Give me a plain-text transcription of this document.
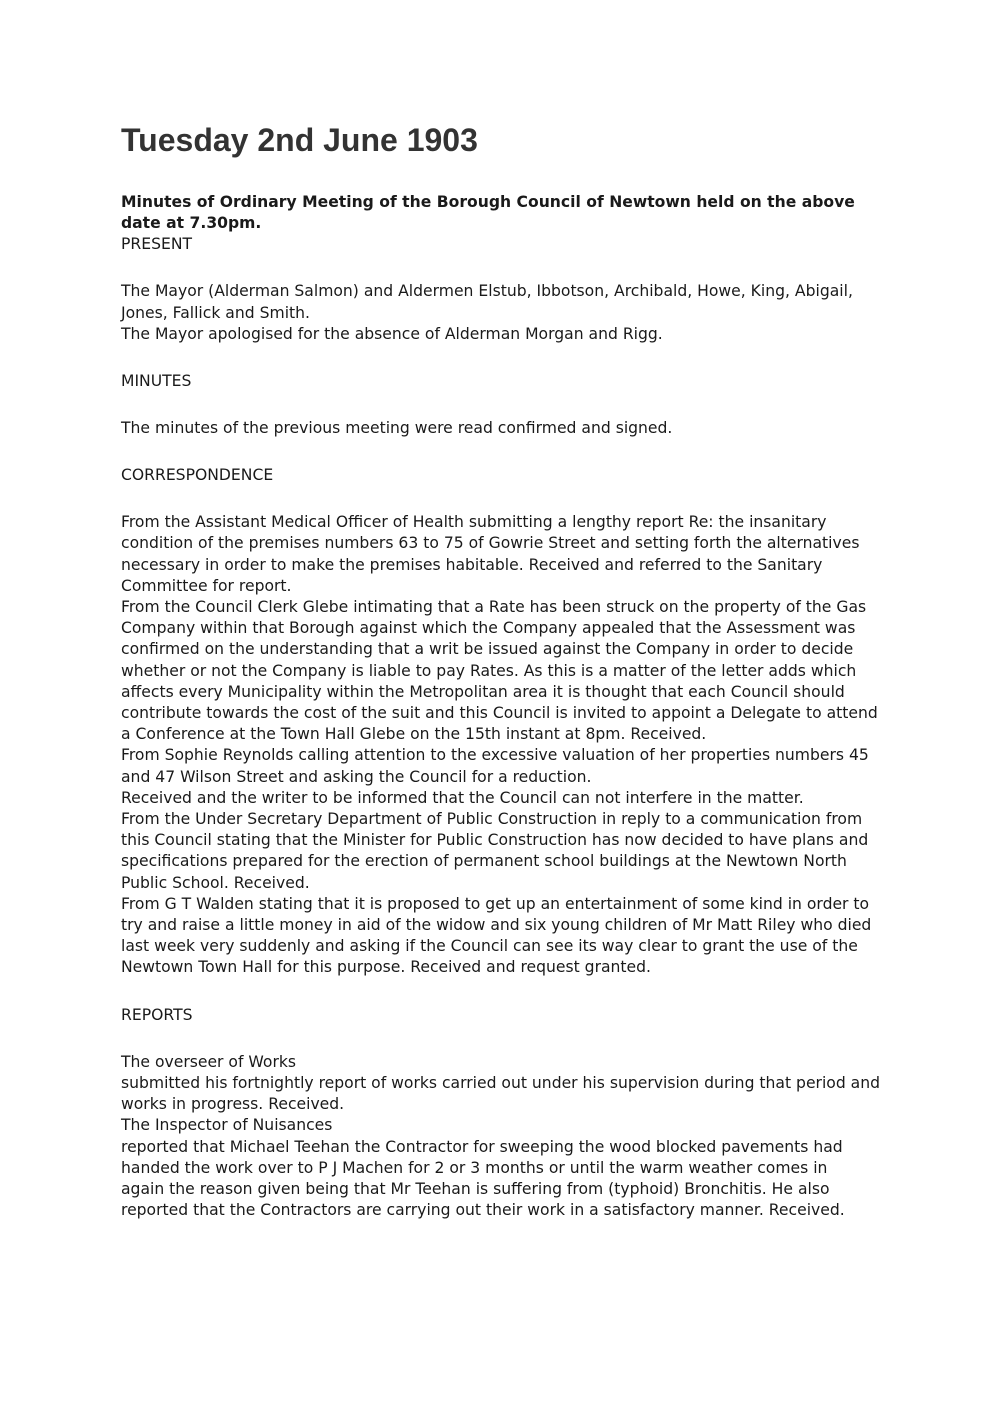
Tuesday 2nd June 1903

Minutes of Ordinary Meeting of the Borough Council of Newtown held on the above
date at 7.30pm.

PRESENT
The Mayor (Alderman Salmon) and Aldermen Elstub, Ibbotson, Archibald, Howe, King, Abigail,
Jones, Fallick and Smith.
The Mayor apologised for the absence of Alderman Morgan and Rigg.
MINUTES
The minutes of the previous meeting were read confirmed and signed.
CORRESPONDENCE
From the Assistant Medical Officer of Health submitting a lengthy report Re: the insanitary
condition of the premises numbers 63 to 75 of Gowrie Street and setting forth the alternatives
necessary in order to make the premises habitable. Received and referred to the Sanitary
Committee for report.
From the Council Clerk Glebe intimating that a Rate has been struck on the property of the Gas
Company within that Borough against which the Company appealed that the Assessment was
confirmed on the understanding that a writ be issued against the Company in order to decide
whether or not the Company is liable to pay Rates. As this is a matter of the letter adds which
affects every Municipality within the Metropolitan area it is thought that each Council should
contribute towards the cost of the suit and this Council is invited to appoint a Delegate to attend
a Conference at the Town Hall Glebe on the 15th instant at 8pm. Received.
From Sophie Reynolds calling attention to the excessive valuation of her properties numbers 45
and 47 Wilson Street and asking the Council for a reduction.
Received and the writer to be informed that the Council can not interfere in the matter.
From the Under Secretary Department of Public Construction in reply to a communication from
this Council stating that the Minister for Public Construction has now decided to have plans and
specifications prepared for the erection of permanent school buildings at the Newtown North
Public School. Received.
From G T Walden stating that it is proposed to get up an entertainment of some kind in order to
try and raise a little money in aid of the widow and six young children of Mr Matt Riley who died
last week very suddenly and asking if the Council can see its way clear to grant the use of the
Newtown Town Hall for this purpose. Received and request granted.
REPORTS
The overseer of Works
submitted his fortnightly report of works carried out under his supervision during that period and
works in progress. Received.
The Inspector of Nuisances
reported that Michael Teehan the Contractor for sweeping the wood blocked pavements had
handed the work over to P J Machen for 2 or 3 months or until the warm weather comes in
again the reason given being that Mr Teehan is suffering from (typhoid) Bronchitis. He also
reported that the Contractors are carrying out their work in a satisfactory manner. Received.
